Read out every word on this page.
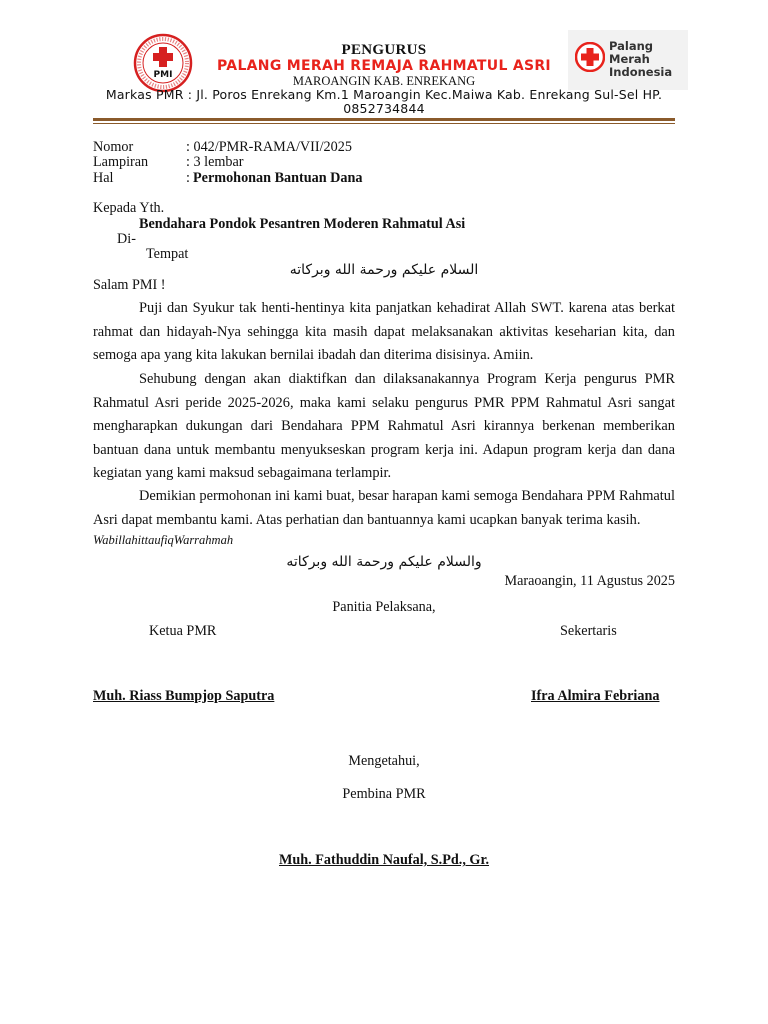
PMI
Palang
Merah
Indonesia
PENGURUS
PALANG MERAH REMAJA RAHMATUL ASRI
MAROANGIN KAB. ENREKANG
Markas PMR : Jl. Poros Enrekang Km.1 Maroangin Kec.Maiwa Kab. Enrekang Sul-Sel HP. 0852734844
Nomor	: 042/PMR-RAMA/VII/2025
Lampiran	: 3 lembar
Hal	: Permohonan Bantuan Dana
Kepada Yth.
Bendahara Pondok Pesantren Moderen Rahmatul Asi
Di-
Tempat
السلام عليكم ورحمة الله وبركاته
Salam PMI !
Puji dan Syukur tak henti-hentinya kita panjatkan kehadirat Allah SWT. karena atas berkat rahmat dan hidayah-Nya sehingga kita masih dapat melaksanakan aktivitas keseharian kita, dan semoga apa yang kita lakukan bernilai ibadah dan diterima disisinya. Amiin.
Sehubung dengan akan diaktifkan dan dilaksanakannya Program Kerja pengurus PMR Rahmatul Asri peride 2025-2026, maka kami selaku pengurus PMR PPM Rahmatul Asri sangat mengharapkan dukungan dari Bendahara PPM Rahmatul Asri kirannya berkenan memberikan bantuan dana untuk membantu menyukseskan program kerja ini. Adapun program kerja dan dana kegiatan yang kami maksud sebagaimana terlampir.
Demikian permohonan ini kami buat, besar harapan kami semoga Bendahara PPM Rahmatul Asri dapat membantu kami. Atas perhatian dan bantuannya kami ucapkan banyak terima kasih.
WabillahittaufiqWarrahmah
والسلام عليكم ورحمة الله وبركاته
Maraoangin, 11 Agustus 2025
Panitia Pelaksana,
Ketua PMR	Sekertaris
Muh. Riass Bumpjop Saputra	Ifra Almira Febriana
Mengetahui,
Pembina PMR
Muh. Fathuddin Naufal, S.Pd., Gr.
